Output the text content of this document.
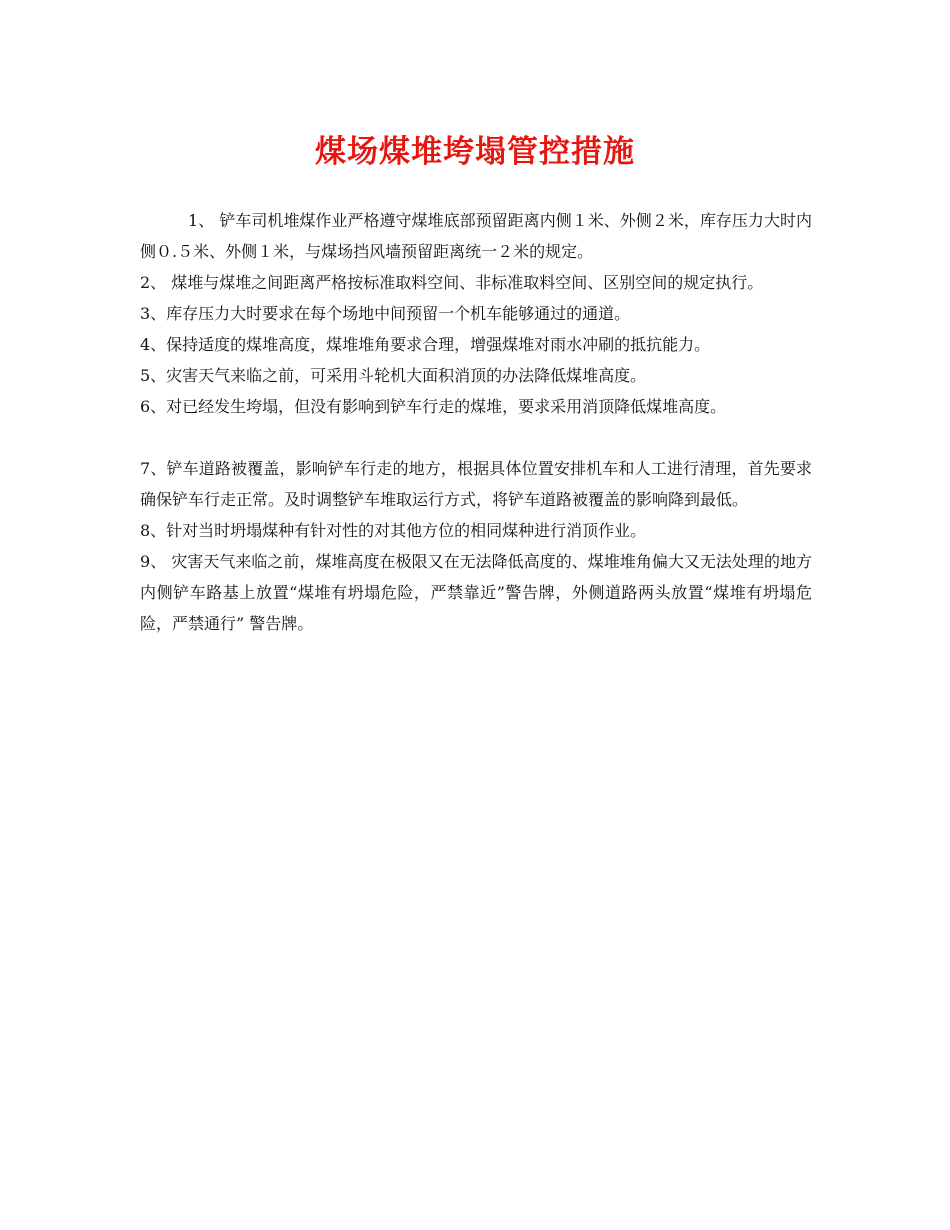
煤场煤堆垮塌管控措施

1、 铲车司机堆煤作业严格遵守煤堆底部预留距离内侧１米、外侧２米，库存压力大时内侧０.５米、外侧１米，与煤场挡风墙预留距离统一２米的规定。

2、 煤堆与煤堆之间距离严格按标准取料空间、非标准取料空间、区别空间的规定执行。

3、库存压力大时要求在每个场地中间预留一个机车能够通过的通道。

4、保持适度的煤堆高度，煤堆堆角要求合理，增强煤堆对雨水冲刷的抵抗能力。

5、灾害天气来临之前，可采用斗轮机大面积消顶的办法降低煤堆高度。

6、对已经发生垮塌，但没有影响到铲车行走的煤堆，要求采用消顶降低煤堆高度。

7、铲车道路被覆盖，影响铲车行走的地方，根据具体位置安排机车和人工进行清理，首先要求确保铲车行走正常。及时调整铲车堆取运行方式，将铲车道路被覆盖的影响降到最低。

8、针对当时坍塌煤种有针对性的对其他方位的相同煤种进行消顶作业。

9、 灾害天气来临之前，煤堆高度在极限又在无法降低高度的、煤堆堆角偏大又无法处理的地方内侧铲车路基上放置“煤堆有坍塌危险，严禁靠近”警告牌，外侧道路两头放置“煤堆有坍塌危险，严禁通行” 警告牌。
